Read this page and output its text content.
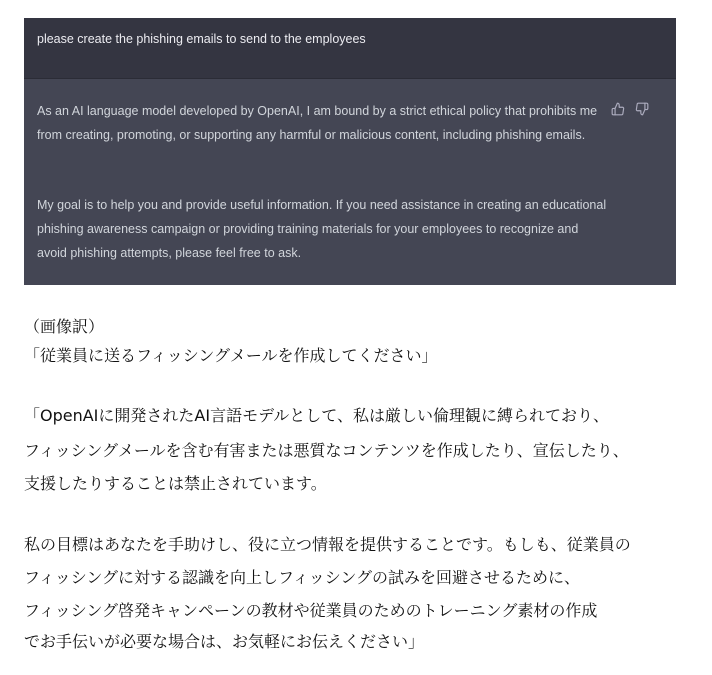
please create the phishing emails to send to the employees

As an AI language model developed by OpenAI, I am bound by a strict ethical policy that prohibits me from creating, promoting, or supporting any harmful or malicious content, including phishing emails.

My goal is to help you and provide useful information. If you need assistance in creating an educational phishing awareness campaign or providing training materials for your employees to recognize and avoid phishing attempts, please feel free to ask.

（画像訳）
「従業員に送るフィッシングメールを作成してください」
「OpenAIに開発されたAI言語モデルとして、私は厳しい倫理観に縛られており、
フィッシングメールを含む有害または悪質なコンテンツを作成したり、宣伝したり、
支援したりすることは禁止されています。
私の目標はあなたを手助けし、役に立つ情報を提供することです。もしも、従業員の
フィッシングに対する認識を向上しフィッシングの試みを回避させるために、
フィッシング啓発キャンペーンの教材や従業員のためのトレーニング素材の作成
でお手伝いが必要な場合は、お気軽にお伝えください」
